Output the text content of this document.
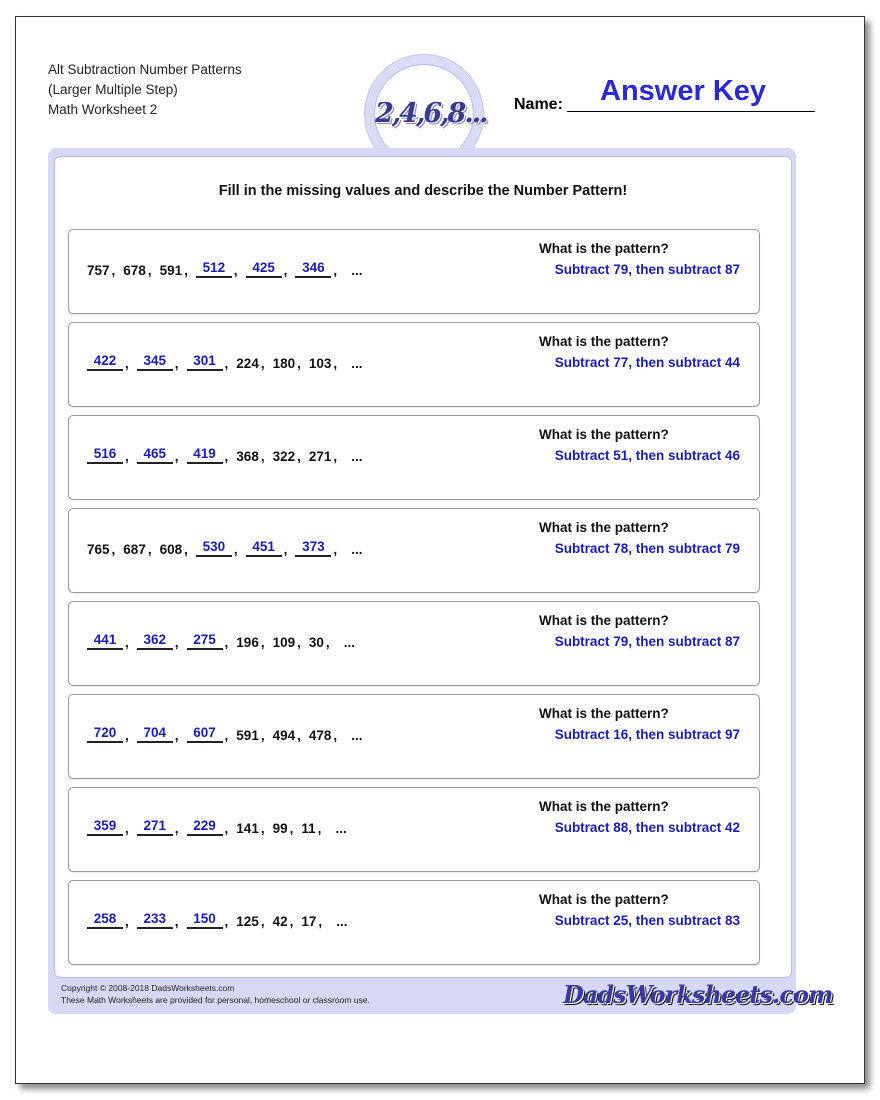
Alt Subtraction Number Patterns
(Larger Multiple Step)
Math Worksheet 2	2,4,6,8... Name: Answer Key
Fill in the missing values and describe the Number Pattern!
757 , 678 , 591 ,	512 ,	425 ,	346 , ...
What is the pattern?
Subtract 79, then subtract 87
422 ,	345 ,	301 , 224 , 180 , 103 , ...
What is the pattern?
Subtract 77, then subtract 44
516 ,	465 ,	419 , 368 , 322 , 271 , ...
What is the pattern?
Subtract 51, then subtract 46
765 , 687 , 608 ,	530 ,	451 ,	373 , ...
What is the pattern?
Subtract 78, then subtract 79
441 ,	362 ,	275 , 196 , 109 , 30 , ...
What is the pattern?
Subtract 79, then subtract 87
720 ,	704 ,	607 , 591 , 494 , 478 , ...
What is the pattern?
Subtract 16, then subtract 97
359 ,	271 ,	229 , 141 , 99 , 11 , ...
What is the pattern?
Subtract 88, then subtract 42
258 ,	233 ,	150 , 125 , 42 , 17 , ...
What is the pattern?
Subtract 25, then subtract 83
Copyright © 2008-2018 DadsWorksheets.com
These Math Worksheets are provided for personal, homeschool or classroom use.	DadsWorksheets.com
